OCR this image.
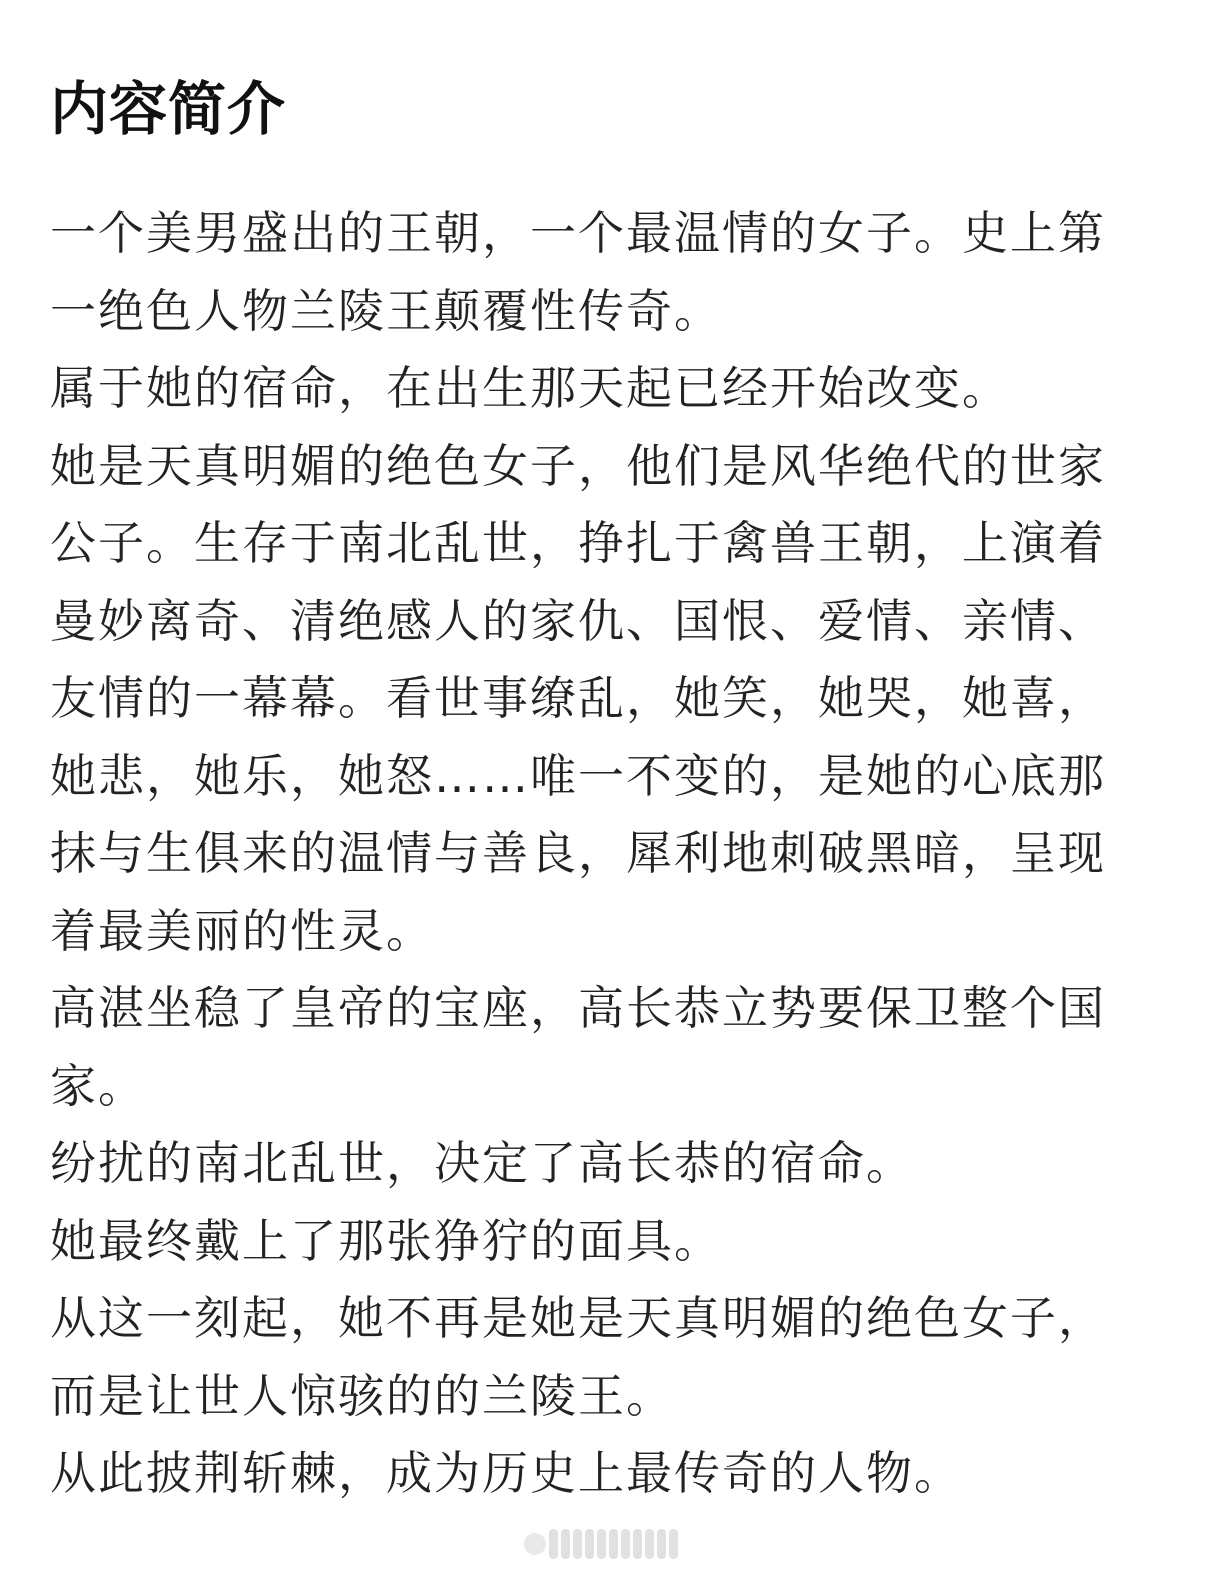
内容简介

一个美男盛出的王朝，一个最温情的女子。史上第一绝色人物兰陵王颠覆性传奇。

属于她的宿命，在出生那天起已经开始改变。

她是天真明媚的绝色女子，他们是风华绝代的世家公子。生存于南北乱世，挣扎于禽兽王朝，上演着曼妙离奇、清绝感人的家仇、国恨、爱情、亲情、友情的一幕幕。看世事缭乱，她笑，她哭，她喜，她悲，她乐，她怒……唯一不变的，是她的心底那抹与生俱来的温情与善良，犀利地刺破黑暗，呈现着最美丽的性灵。

高湛坐稳了皇帝的宝座，高长恭立势要保卫整个国家。

纷扰的南北乱世，决定了高长恭的宿命。

她最终戴上了那张狰狞的面具。

从这一刻起，她不再是她是天真明媚的绝色女子，而是让世人惊骇的的兰陵王。

从此披荆斩棘，成为历史上最传奇的人物。
